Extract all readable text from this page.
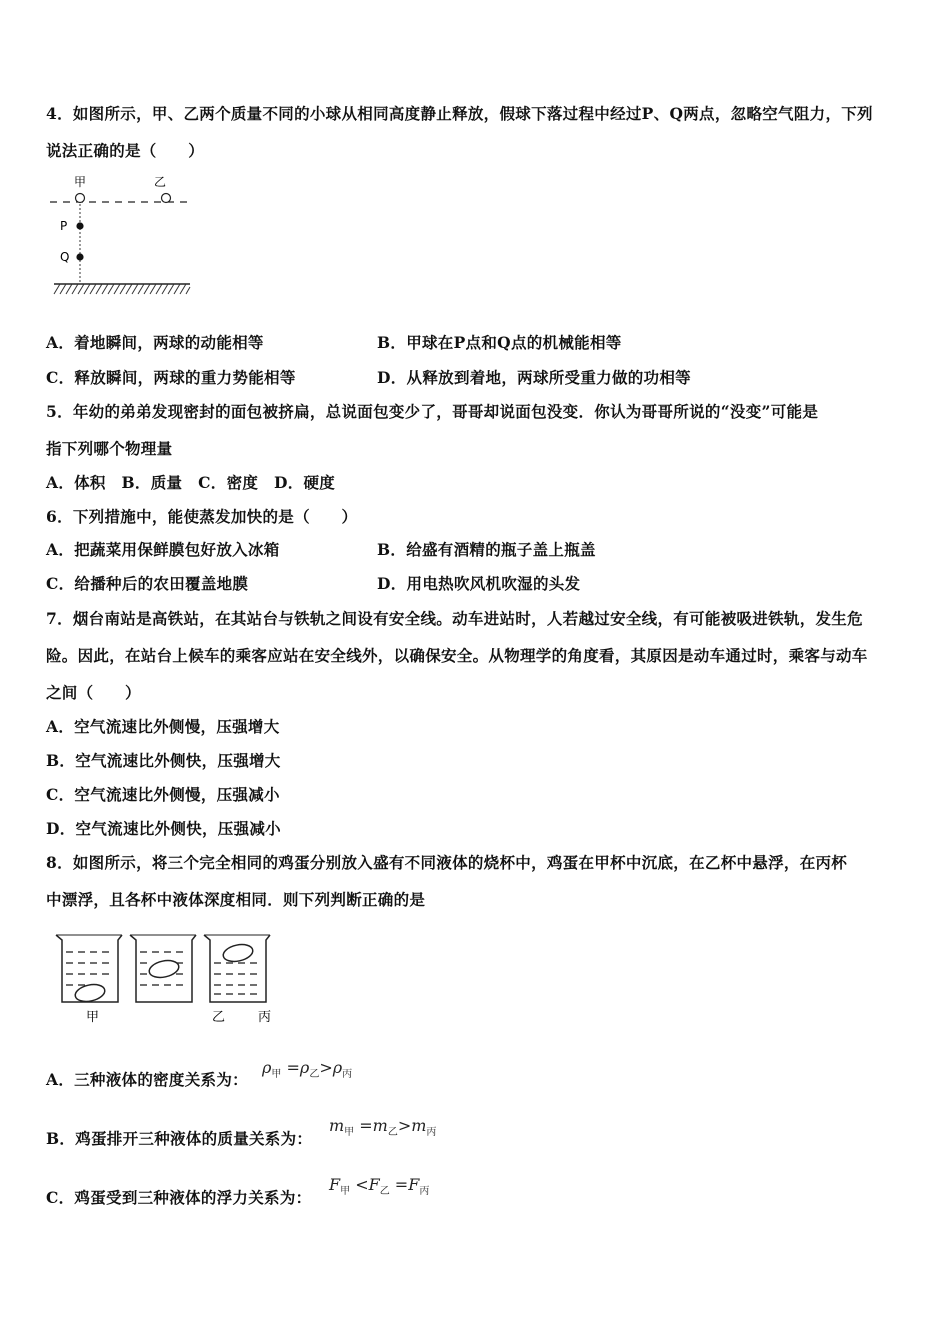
4．如图所示，甲、乙两个质量不同的小球从相同高度静止释放，假球下落过程中经过P、Q两点，忽略空气阻力，下列
说法正确的是（　　）
甲	乙
P
Q
A．着地瞬间，两球的动能相等	B．甲球在P点和Q点的机械能相等
C．释放瞬间，两球的重力势能相等	D．从释放到着地，两球所受重力做的功相等
5．年幼的弟弟发现密封的面包被挤扁，总说面包变少了，哥哥却说面包没变．你认为哥哥所说的“没变”可能是
指下列哪个物理量
A．体积　B．质量　C．密度　D．硬度
6．下列措施中，能使蒸发加快的是（　　）
A．把蔬菜用保鲜膜包好放入冰箱	B．给盛有酒精的瓶子盖上瓶盖
C．给播种后的农田覆盖地膜	D．用电热吹风机吹湿的头发
7．烟台南站是高铁站，在其站台与铁轨之间设有安全线。动车进站时，人若越过安全线，有可能被吸进铁轨，发生危
险。因此，在站台上候车的乘客应站在安全线外，以确保安全。从物理学的角度看，其原因是动车通过时，乘客与动车
之间（　　）
A．空气流速比外侧慢，压强增大
B．空气流速比外侧快，压强增大
C．空气流速比外侧慢，压强减小
D．空气流速比外侧快，压强减小
8．如图所示，将三个完全相同的鸡蛋分别放入盛有不同液体的烧杯中，鸡蛋在甲杯中沉底，在乙杯中悬浮，在丙杯
中漂浮，且各杯中液体深度相同．则下列判断正确的是
甲	乙	丙
A．三种液体的密度关系为：
$\rho_甲 =\rho_乙>\rho_丙$
B．鸡蛋排开三种液体的质量关系为：
$m_甲 =m_乙>m_丙$
C．鸡蛋受到三种液体的浮力关系为：
$F_甲 <F_乙 =F_丙$
